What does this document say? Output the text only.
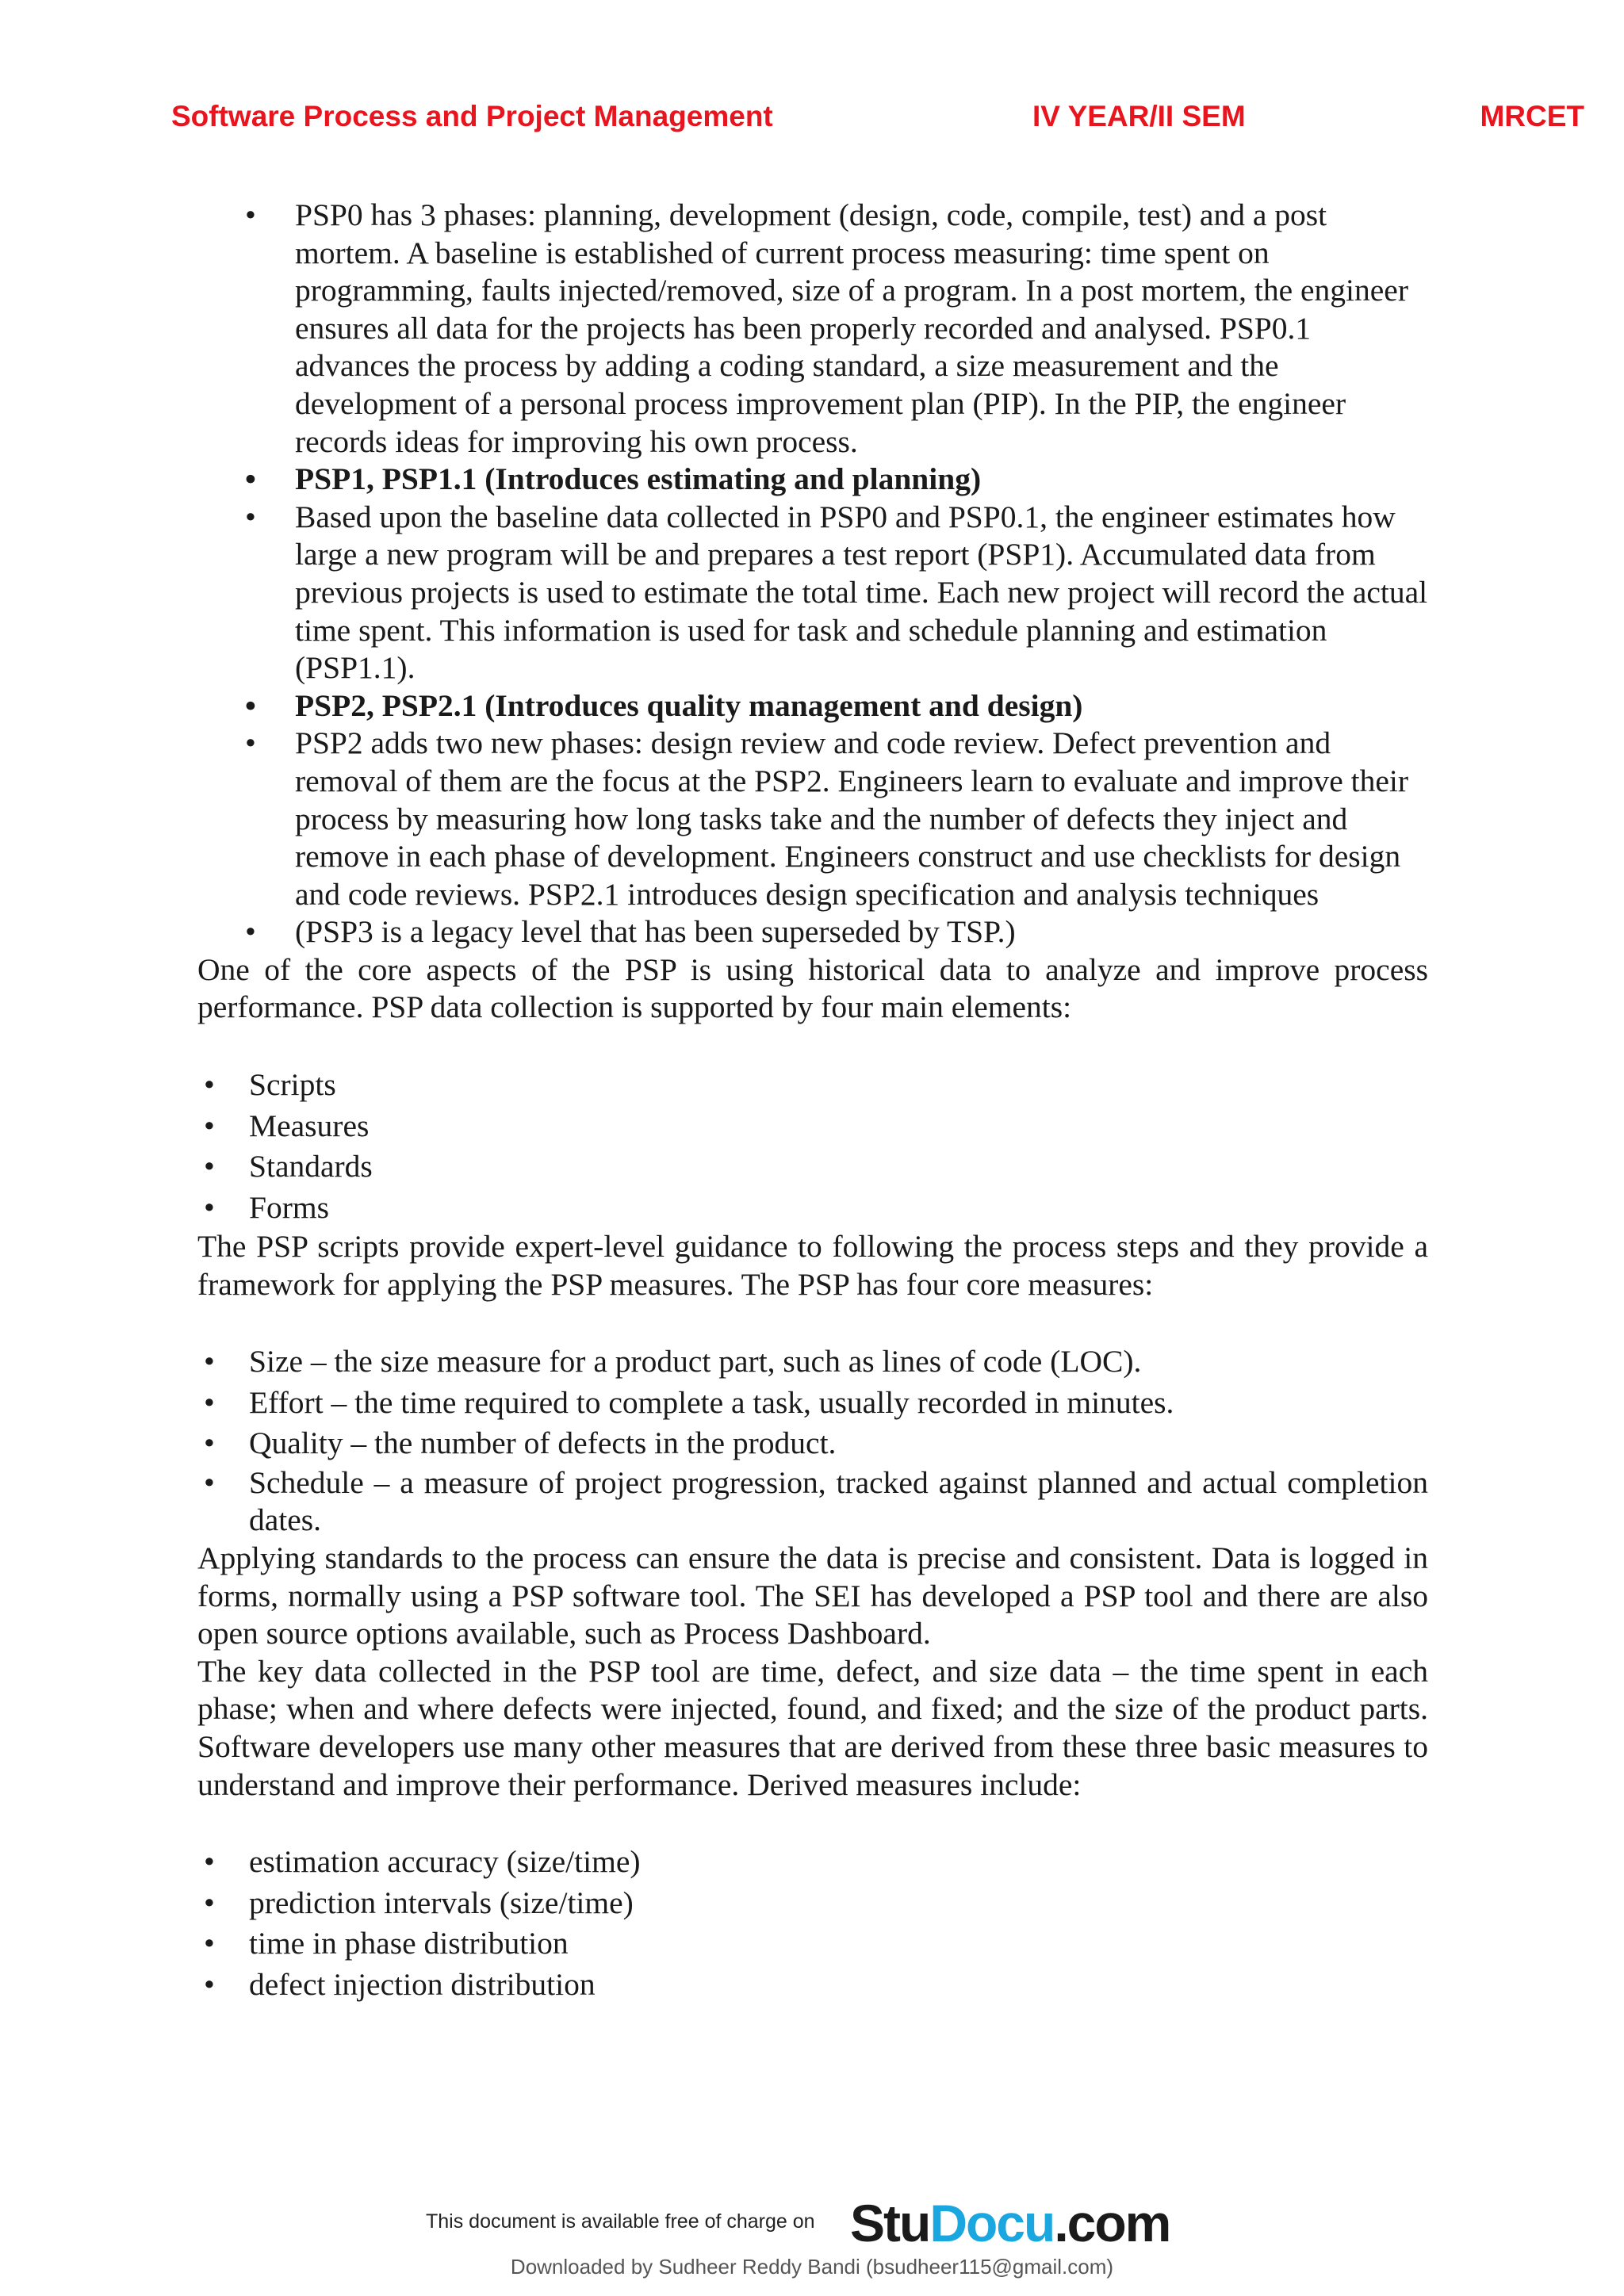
Software Process and Project Management	IV YEAR/II SEM	MRCET
• PSP0 has 3 phases: planning, development (design, code, compile, test) and a post mortem. A baseline is established of current process measuring: time spent on programming, faults injected/removed, size of a program. In a post mortem, the engineer ensures all data for the projects has been properly recorded and analysed. PSP0.1 advances the process by adding a coding standard, a size measurement and the development of a personal process improvement plan (PIP). In the PIP, the engineer records ideas for improving his own process.
• PSP1, PSP1.1 (Introduces estimating and planning)
• Based upon the baseline data collected in PSP0 and PSP0.1, the engineer estimates how large a new program will be and prepares a test report (PSP1). Accumulated data from previous projects is used to estimate the total time. Each new project will record the actual time spent. This information is used for task and schedule planning and estimation (PSP1.1).
• PSP2, PSP2.1 (Introduces quality management and design)
• PSP2 adds two new phases: design review and code review. Defect prevention and removal of them are the focus at the PSP2. Engineers learn to evaluate and improve their process by measuring how long tasks take and the number of defects they inject and remove in each phase of development. Engineers construct and use checklists for design and code reviews. PSP2.1 introduces design specification and analysis techniques
• (PSP3 is a legacy level that has been superseded by TSP.)

One of the core aspects of the PSP is using historical data to analyze and improve process performance. PSP data collection is supported by four main elements:

• Scripts
• Measures
• Standards
• Forms

The PSP scripts provide expert-level guidance to following the process steps and they provide a framework for applying the PSP measures. The PSP has four core measures:

• Size – the size measure for a product part, such as lines of code (LOC).
• Effort – the time required to complete a task, usually recorded in minutes.
• Quality – the number of defects in the product.
• Schedule – a measure of project progression, tracked against planned and actual completion dates.

Applying standards to the process can ensure the data is precise and consistent. Data is logged in forms, normally using a PSP software tool. The SEI has developed a PSP tool and there are also open source options available, such as Process Dashboard.

The key data collected in the PSP tool are time, defect, and size data – the time spent in each phase; when and where defects were injected, found, and fixed; and the size of the product parts. Software developers use many other measures that are derived from these three basic measures to understand and improve their performance. Derived measures include:

• estimation accuracy (size/time)
• prediction intervals (size/time)
• time in phase distribution
• defect injection distribution
This document is available free of charge on StuDocu.com
Downloaded by Sudheer Reddy Bandi (bsudheer115@gmail.com)
